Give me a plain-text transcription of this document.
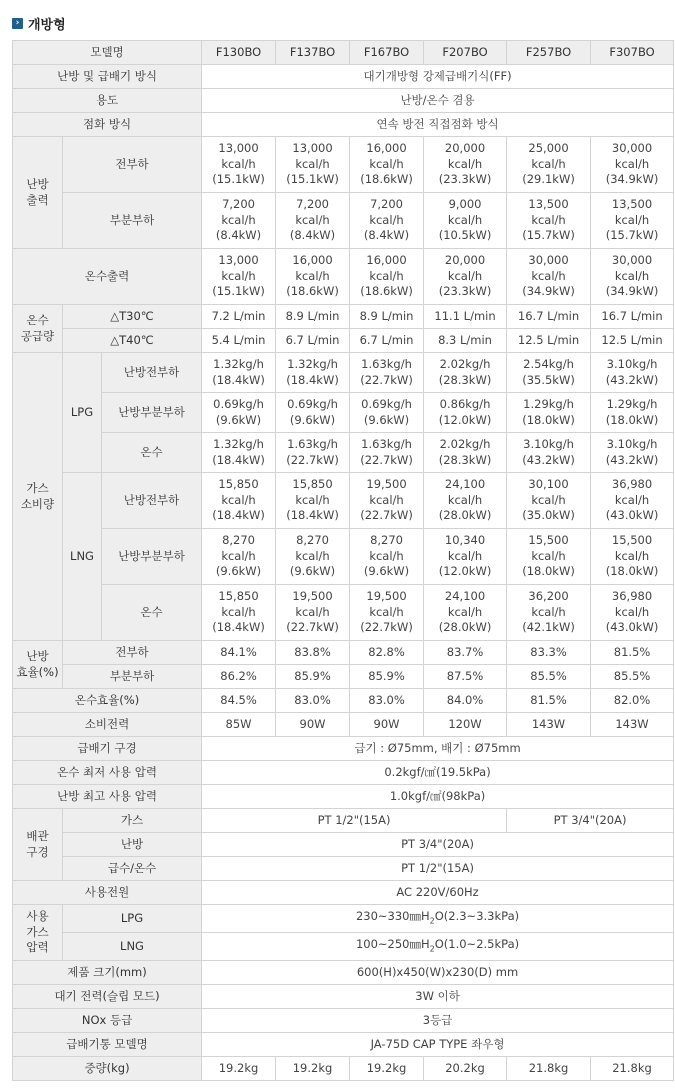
› 개방형
모델명			F130BO	F137BO	F167BO	F207BO	F257BO	F307BO
난방 및 급배기 방식			대기개방형 강제급배기식(FF)					
용도			난방/온수 겸용					
점화 방식			연속 방전 직접점화 방식					
난방
출력	전부하		13,000
kcal/h
(15.1kW)	13,000
kcal/h
(15.1kW)	16,000
kcal/h
(18.6kW)	20,000
kcal/h
(23.3kW)	25,000
kcal/h
(29.1kW)	30,000
kcal/h
(34.9kW)
	부분부하		7,200
kcal/h
(8.4kW)	7,200
kcal/h
(8.4kW)	7,200
kcal/h
(8.4kW)	9,000
kcal/h
(10.5kW)	13,500
kcal/h
(15.7kW)	13,500
kcal/h
(15.7kW)
온수출력			13,000
kcal/h
(15.1kW)	16,000
kcal/h
(18.6kW)	16,000
kcal/h
(18.6kW)	20,000
kcal/h
(23.3kW)	30,000
kcal/h
(34.9kW)	30,000
kcal/h
(34.9kW)
온수
공급량	△T30℃		7.2 L/min	8.9 L/min	8.9 L/min	11.1 L/min	16.7 L/min	16.7 L/min
	△T40℃		5.4 L/min	6.7 L/min	6.7 L/min	8.3 L/min	12.5 L/min	12.5 L/min
가스
소비량	LPG	난방전부하	1.32kg/h
(18.4kW)	1.32kg/h
(18.4kW)	1.63kg/h
(22.7kW)	2.02kg/h
(28.3kW)	2.54kg/h
(35.5kW)	3.10kg/h
(43.2kW)
		난방부분부하	0.69kg/h
(9.6kW)	0.69kg/h
(9.6kW)	0.69kg/h
(9.6kW)	0.86kg/h
(12.0kW)	1.29kg/h
(18.0kW)	1.29kg/h
(18.0kW)
		온수	1.32kg/h
(18.4kW)	1.63kg/h
(22.7kW)	1.63kg/h
(22.7kW)	2.02kg/h
(28.3kW)	3.10kg/h
(43.2kW)	3.10kg/h
(43.2kW)
	LNG	난방전부하	15,850
kcal/h
(18.4kW)	15,850
kcal/h
(18.4kW)	19,500
kcal/h
(22.7kW)	24,100
kcal/h
(28.0kW)	30,100
kcal/h
(35.0kW)	36,980
kcal/h
(43.0kW)
		난방부분부하	8,270
kcal/h
(9.6kW)	8,270
kcal/h
(9.6kW)	8,270
kcal/h
(9.6kW)	10,340
kcal/h
(12.0kW)	15,500
kcal/h
(18.0kW)	15,500
kcal/h
(18.0kW)
		온수	15,850
kcal/h
(18.4kW)	19,500
kcal/h
(22.7kW)	19,500
kcal/h
(22.7kW)	24,100
kcal/h
(28.0kW)	36,200
kcal/h
(42.1kW)	36,980
kcal/h
(43.0kW)
난방
효율(%)	전부하		84.1%	83.8%	82.8%	83.7%	83.3%	81.5%
	부분부하		86.2%	85.9%	85.9%	87.5%	85.5%	85.5%
온수효율(%)			84.5%	83.0%	83.0%	84.0%	81.5%	82.0%
소비전력			85W	90W	90W	120W	143W	143W
급배기 구경			급기 : Ø75mm, 배기 : Ø75mm					
온수 최저 사용 압력			0.2kgf/㎠(19.5kPa)					
난방 최고 사용 압력			1.0kgf/㎠(98kPa)					
배관
구경	가스		PT 1/2"(15A)				PT 3/4"(20A)	
	난방		PT 3/4"(20A)					
	급수/온수		PT 1/2"(15A)					
사용전원			AC 220V/60Hz					
사용
가스
압력	LPG		$230\sim 330㎜H_2O(2.3\sim 3.3kPa)$					
	LNG		$100\sim 250㎜H_2O(1.0\sim 2.5kPa)$					
제품 크기(mm)			600(H)x450(W)x230(D) mm					
대기 전력(슬립 모드)			3W 이하					
NOx 등급			3등급					
급배기통 모델명			JA-75D CAP TYPE 좌우형					
중량(kg)			19.2kg	19.2kg	19.2kg	20.2kg	21.8kg	21.8kg
